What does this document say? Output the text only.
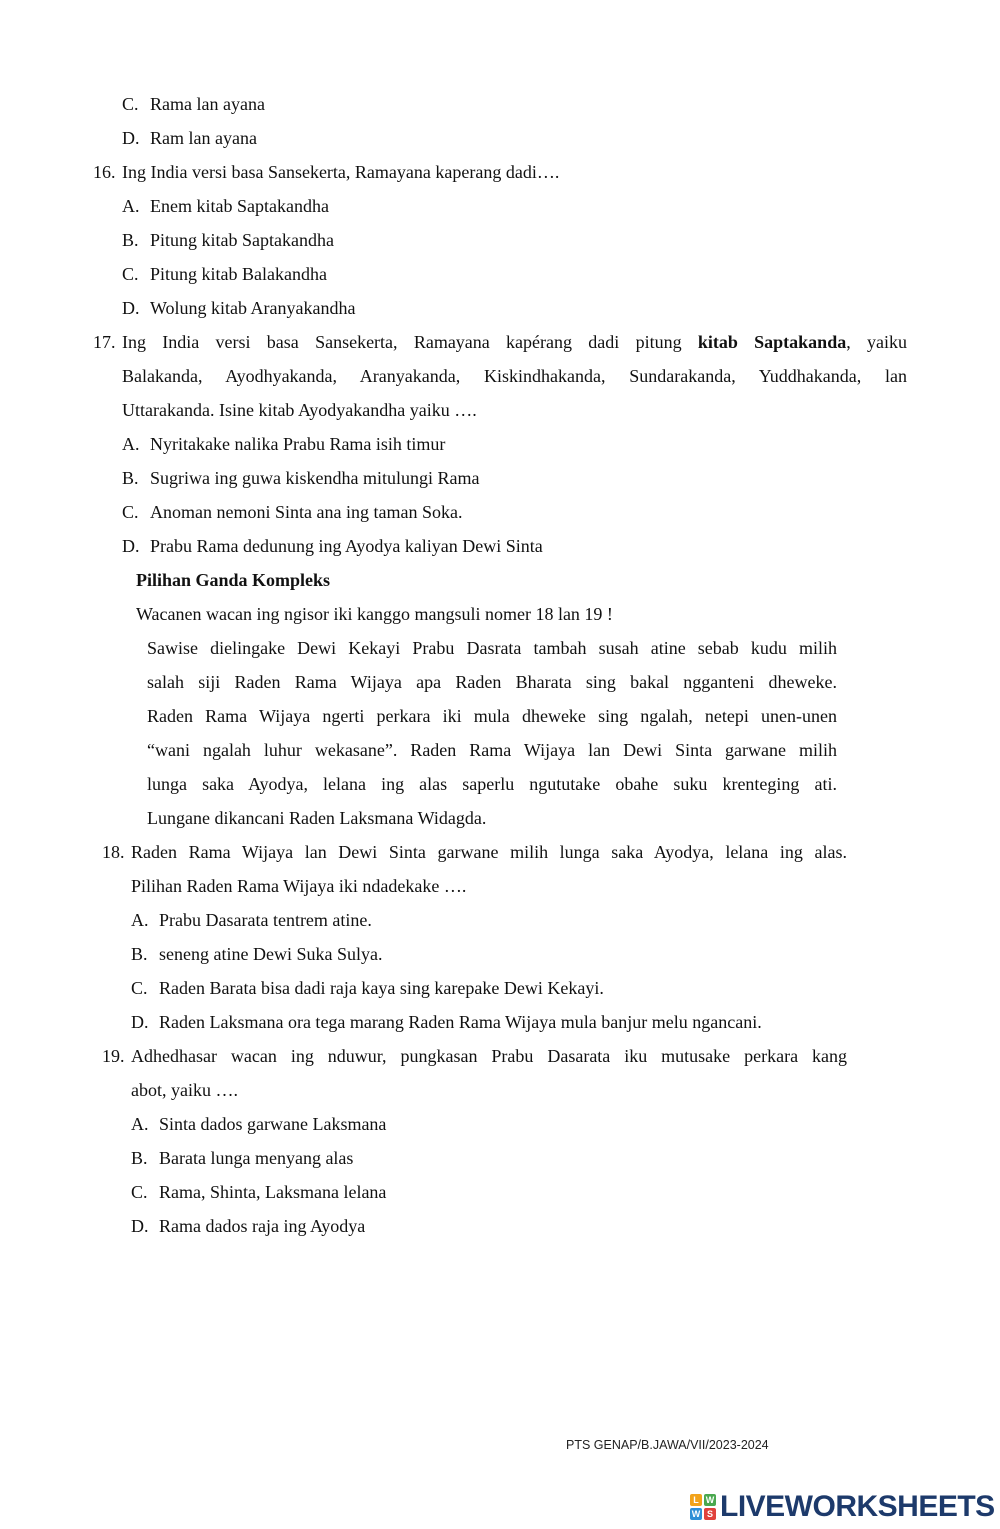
C. Rama lan ayana
D. Ram lan ayana
16. Ing India versi basa Sansekerta, Ramayana kaperang dadi….
A. Enem kitab Saptakandha
B. Pitung kitab Saptakandha
C. Pitung kitab Balakandha
D. Wolung kitab Aranyakandha
17. Ing India versi basa Sansekerta, Ramayana kapérang dadi pitung kitab Saptakanda, yaiku
Balakanda, Ayodhyakanda, Aranyakanda, Kiskindhakanda, Sundarakanda, Yuddhakanda, lan
Uttarakanda. Isine kitab Ayodyakandha yaiku ….
A. Nyritakake nalika Prabu Rama isih timur
B. Sugriwa ing guwa kiskendha mitulungi Rama
C. Anoman nemoni Sinta ana ing taman Soka.
D. Prabu Rama dedunung ing Ayodya kaliyan Dewi Sinta
Pilihan Ganda Kompleks
Wacanen wacan ing ngisor iki kanggo mangsuli nomer 18 lan 19 !
Sawise dielingake Dewi Kekayi Prabu Dasrata tambah susah atine sebab kudu milih
salah siji Raden Rama Wijaya apa Raden Bharata sing bakal ngganteni dheweke.
Raden Rama Wijaya ngerti perkara iki mula dheweke sing ngalah, netepi unen-unen
“wani ngalah luhur wekasane”. Raden Rama Wijaya lan Dewi Sinta garwane milih
lunga saka Ayodya, lelana ing alas saperlu ngututake obahe suku krenteging ati.
Lungane dikancani Raden Laksmana Widagda.
18. Raden Rama Wijaya lan Dewi Sinta garwane milih lunga saka Ayodya, lelana ing alas.
Pilihan Raden Rama Wijaya iki ndadekake ….
A. Prabu Dasarata tentrem atine.
B. seneng atine Dewi Suka Sulya.
C. Raden Barata bisa dadi raja kaya sing karepake Dewi Kekayi.
D. Raden Laksmana ora tega marang Raden Rama Wijaya mula banjur melu ngancani.
19. Adhedhasar wacan ing nduwur, pungkasan Prabu Dasarata iku mutusake perkara kang
abot, yaiku ….
A. Sinta dados garwane Laksmana
B. Barata lunga menyang alas
C. Rama, Shinta, Laksmana lelana
D. Rama dados raja ing Ayodya
PTS GENAP/B.JAWA/VII/2023-2024
L W
W S LIVEWORKSHEETS
